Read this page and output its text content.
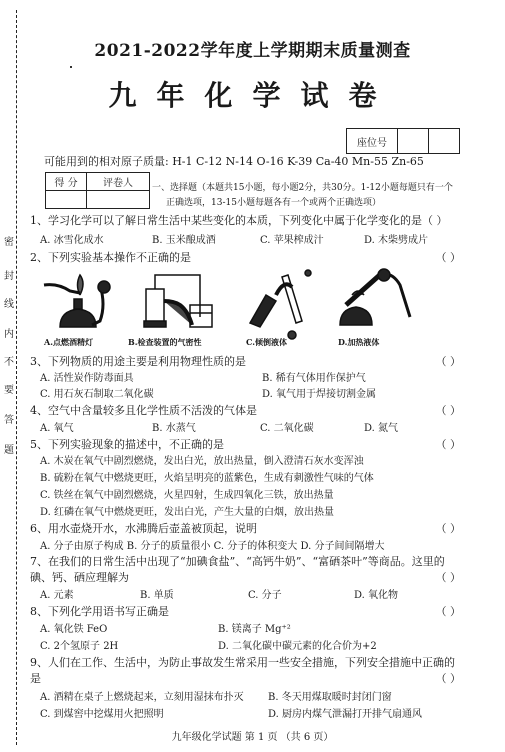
密
封
线
内
不
要
答
题
2021-2022学年度上学期期末质量测查
九年化学试卷
座位号		
可能用到的相对原子质量: H-1 C-12 N-14 O-16 K-39 Ca-40 Mn-55 Zn-65
得 分	评卷人
	一、选择题（本题共15小题，每小题2分，共30分。1-12小题每题只有一个
正确选项，13-15小题每题各有一个或两个正确选项）
1、学习化学可以了解日常生活中某些变化的本质，下列变化中属于化学变化的是（ ）
A. 冰雪化成水	B. 玉米酿成酒	C. 苹果榨成汁	D. 木柴劈成片
2、下列实验基本操作不正确的是	（ ）
A.点燃酒精灯	B.检查装置的气密性	C.倾倒液体	D.加热液体
3、下列物质的用途主要是利用物理性质的是	（ ）
A. 活性炭作防毒面具	B. 稀有气体用作保护气
C. 用石灰石制取二氧化碳	D. 氧气用于焊接切割金属
4、空气中含量较多且化学性质不活泼的气体是	（ ）
A. 氧气	B. 水蒸气	C. 二氧化碳	D. 氮气
5、下列实验现象的描述中，不正确的是	（ ）
A. 木炭在氧气中剧烈燃烧，发出白光，放出热量，倒入澄清石灰水变浑浊
B. 硫粉在氧气中燃烧更旺，火焰呈明亮的蓝紫色，生成有刺激性气味的气体
C. 铁丝在氧气中剧烈燃烧，火星四射，生成四氧化三铁，放出热量
D. 红磷在氧气中燃烧更旺，发出白光，产生大量的白烟，放出热量
6、用水壶烧开水，水沸腾后壶盖被顶起，说明	（ ）
A. 分子由原子构成 B. 分子的质量很小 C. 分子的体积变大 D. 分子间间隔增大
7、在我们的日常生活中出现了“加碘食盐”、“高钙牛奶”、“富硒茶叶”等商品。这里的
碘、钙、硒应理解为	（ ）
A. 元素	B. 单质	C. 分子	D. 氧化物
8、下列化学用语书写正确是	（ ）
A. 氧化铁 FeO	B. 镁离子 Mg⁺²
C. 2个氢原子 2H	D. 二氧化碳中碳元素的化合价为+2
9、人们在工作、生活中，为防止事故发生常采用一些安全措施，下列安全措施中正确的
是	（ ）
A. 酒精在桌子上燃烧起来，立刻用湿抹布扑灭 B. 冬天用煤取暖时封闭门窗
C. 到煤窖中挖煤用火把照明	D. 厨房内煤气泄漏打开排气扇通风
九年级化学试题 第 1 页 （共 6 页）
